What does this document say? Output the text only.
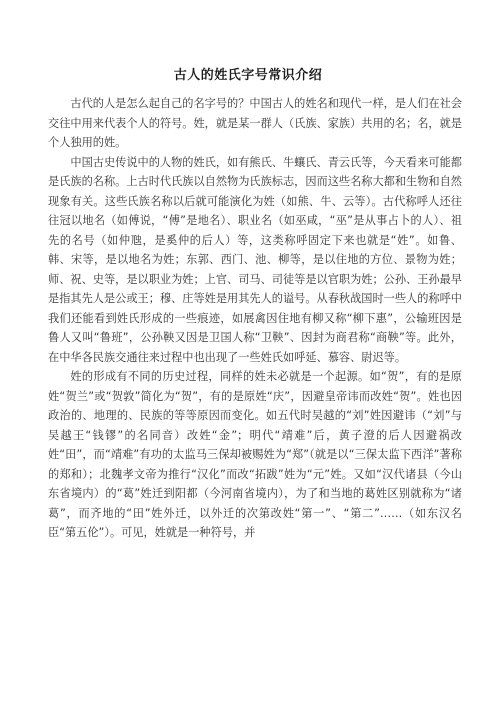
古人的姓氏字号常识介绍

古代的人是怎么起自己的名字号的？中国古人的姓名和现代一样，是人们在社会交往中用来代表个人的符号。姓，就是某一群人（氏族、家族）共用的名；名，就是个人独用的姓。

中国古史传说中的人物的姓氏，如有熊氏、牛蠰氏、青云氏等，今天看来可能都是氏族的名称。上古时代氏族以自然物为氏族标志，因而这些名称大都和生物和自然现象有关。这些氏族名称以后就可能演化为姓（如熊、牛、云等）。古代称呼人还往往冠以地名（如傅说，“傅”是地名）、职业名（如巫咸，“巫”是从事占卜的人）、祖先的名号（如仲虺，是奚仲的后人）等，这类称呼固定下来也就是“姓”。如鲁、韩、宋等，是以地名为姓；东郭、西门、池、柳等，是以住地的方位、景物为姓；师、祝、史等，是以职业为姓；上官、司马、司徒等是以官职为姓；公孙、王孙最早是指其先人是公或王；穆、庄等姓是用其先人的谥号。从春秋战国时一些人的称呼中我们还能看到姓氏形成的一些痕迹，如展禽因住地有柳又称“柳下惠”，公输班因是鲁人又叫“鲁班”，公孙鞅又因是卫国人称“卫鞅”、因封为商君称“商鞅”等。此外，在中华各民族交通往来过程中也出现了一些姓氏如呼延、慕容、尉迟等。

姓的形成有不同的历史过程，同样的姓未必就是一个起源。如“贺”，有的是原姓“贺兰”或“贺敦”简化为“贺”，有的是原姓“庆”，因避皇帝讳而改姓“贺”。姓也因政治的、地理的、民族的等等原因而变化。如五代时吴越的“刘”姓因避讳（“刘”与吴越王“钱镠”的名同音）改姓“金”；明代“靖难”后，黄子澄的后人因避祸改姓“田”，而“靖难”有功的太监马三保却被赐姓为“郑”（就是以“三保太监下西洋”著称的郑和）；北魏孝文帝为推行“汉化”而改“拓跋”姓为“元”姓。又如“汉代诸县（今山东省境内）的“葛”姓迁到阳都（今河南省境内），为了和当地的葛姓区别就称为“诸葛”，而齐地的“田”姓外迁，以外迁的次第改姓“第一”、“第二”……（如东汉名臣“第五伦”）。可见，姓就是一种符号，并
